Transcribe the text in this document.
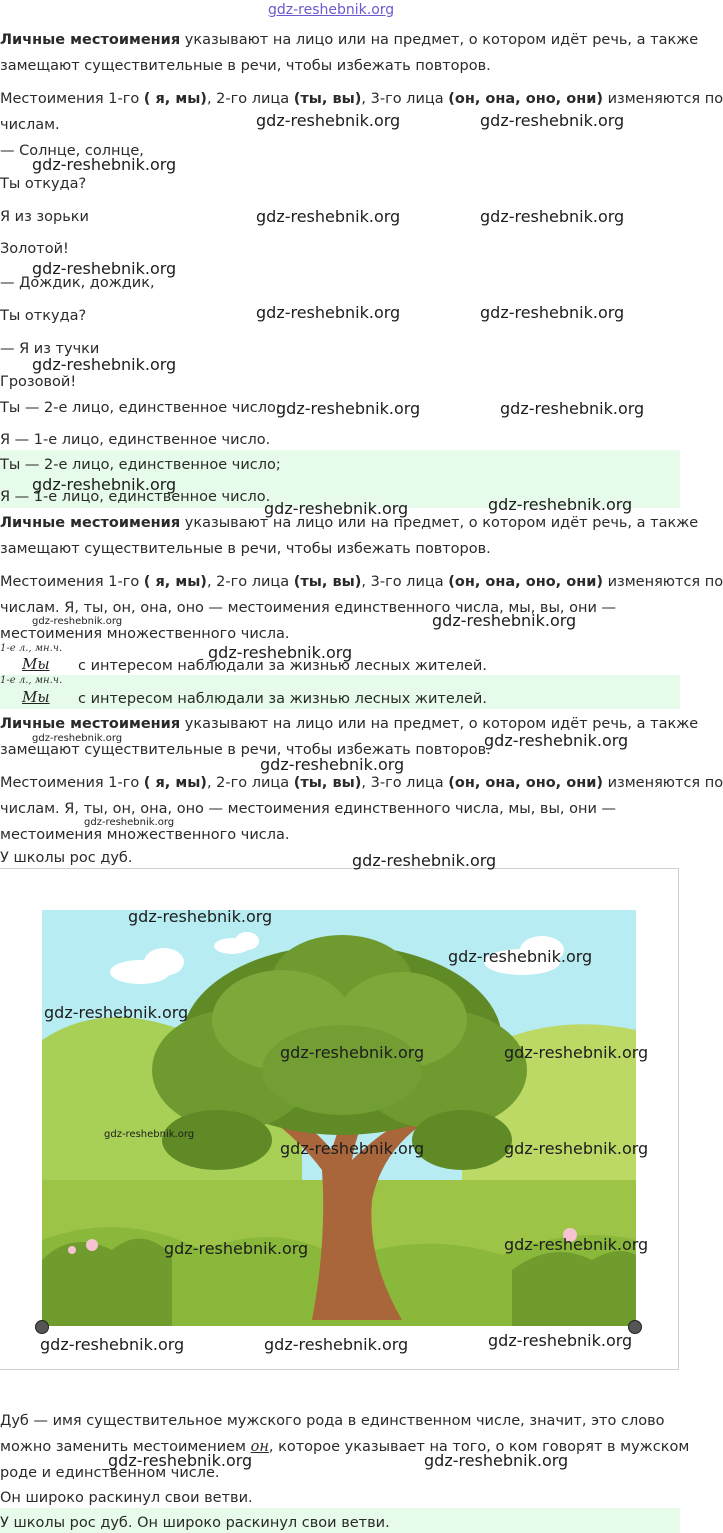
gdz-reshebnik.org
Личные местоимения указывают на лицо или на предмет, о котором идёт речь, а также
замещают существительные в речи, чтобы избежать повторов.
Местоимения 1-го ( я, мы), 2-го лица (ты, вы), 3-го лица (он, она, оно, они) изменяются по
числам.
— Солнце, солнце,
Ты откуда?
Я из зорьки
Золотой!
— Дождик, дождик,
Ты откуда?
— Я из тучки
Грозовой!
Ты — 2-е лицо, единственное число;
Я — 1-е лицо, единственное число.
Ты — 2-е лицо, единственное число;
Я — 1-е лицо, единственное число.
Личные местоимения указывают на лицо или на предмет, о котором идёт речь, а также
замещают существительные в речи, чтобы избежать повторов.
Местоимения 1-го ( я, мы), 2-го лица (ты, вы), 3-го лица (он, она, оно, они) изменяются по
числам. Я, ты, он, она, оно — местоимения единственного числа, мы, вы, они —
местоимения множественного числа.
1-е л., мн.ч.
Мы с интересом наблюдали за жизнью лесных жителей.
1-е л., мн.ч.
Мы с интересом наблюдали за жизнью лесных жителей.
Личные местоимения указывают на лицо или на предмет, о котором идёт речь, а также
замещают существительные в речи, чтобы избежать повторов.
Местоимения 1-го ( я, мы), 2-го лица (ты, вы), 3-го лица (он, она, оно, они) изменяются по
числам. Я, ты, он, она, оно — местоимения единственного числа, мы, вы, они —
местоимения множественного числа.
У школы рос дуб.
Дуб — имя существительное мужского рода в единственном числе, значит, это слово
можно заменить местоимением он, которое указывает на того, о ком говорят в мужском
роде и единственном числе.
Он широко раскинул свои ветви.
У школы рос дуб. Он широко раскинул свои ветви.
gdz-reshebnik.org	gdz-reshebnik.org
gdz-reshebnik.org
gdz-reshebnik.org	gdz-reshebnik.org
gdz-reshebnik.org
gdz-reshebnik.org	gdz-reshebnik.org
gdz-reshebnik.org
gdz-reshebnik.org	gdz-reshebnik.org
gdz-reshebnik.org
gdz-reshebnik.org	gdz-reshebnik.org
gdz-reshebnik.org	gdz-reshebnik.org
gdz-reshebnik.org
gdz-reshebnik.org	gdz-reshebnik.org
gdz-reshebnik.org
gdz-reshebnik.org
gdz-reshebnik.org
gdz-reshebnik.org
gdz-reshebnik.org
gdz-reshebnik.org
gdz-reshebnik.org	gdz-reshebnik.org
gdz-reshebnik.org
gdz-reshebnik.org	gdz-reshebnik.org
gdz-reshebnik.org	gdz-reshebnik.org
gdz-reshebnik.org	gdz-reshebnik.org	gdz-reshebnik.org
gdz-reshebnik.org	gdz-reshebnik.org
